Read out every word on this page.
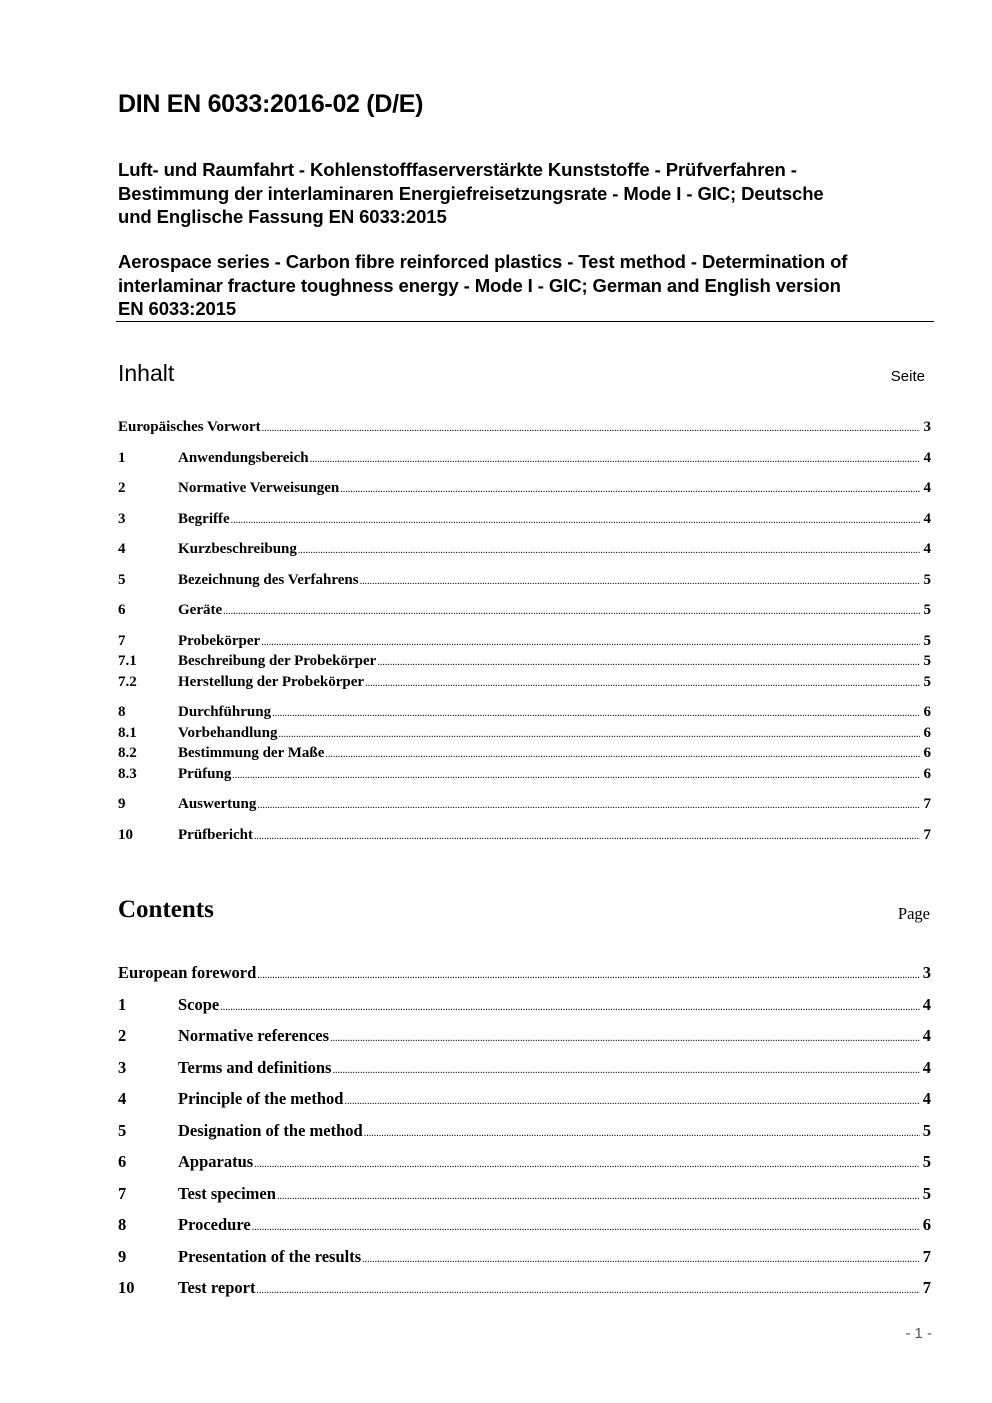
DIN EN 6033:2016-02 (D/E)
Luft- und Raumfahrt - Kohlenstofffaserverstärkte Kunststoffe - Prüfverfahren -
Bestimmung der interlaminaren Energiefreisetzungsrate - Mode I - GIC; Deutsche
und Englische Fassung EN 6033:2015
Aerospace series - Carbon fibre reinforced plastics - Test method - Determination of
interlaminar fracture toughness energy - Mode I - GIC; German and English version
EN 6033:2015
Inhalt	Seite

Europäisches Vorwort .....	3
1	Anwendungsbereich .....	4
2	Normative Verweisungen .....	4
3	Begriffe .....	4
4	Kurzbeschreibung .....	4
5	Bezeichnung des Verfahrens .....	5
6	Geräte .....	5
7	Probekörper .....	5
7.1	Beschreibung der Probekörper .....	5
7.2	Herstellung der Probekörper .....	5
8	Durchführung .....	6
8.1	Vorbehandlung .....	6
8.2	Bestimmung der Maße .....	6
8.3	Prüfung .....	6
9	Auswertung .....	7
10	Prüfbericht .....	7
Contents	Page

European foreword .....	3
1	Scope .....	4
2	Normative references .....	4
3	Terms and definitions .....	4
4	Principle of the method .....	4
5	Designation of the method .....	5
6	Apparatus .....	5
7	Test specimen .....	5
8	Procedure .....	6
9	Presentation of the results .....	7
10	Test report .....	7

- 1 -
